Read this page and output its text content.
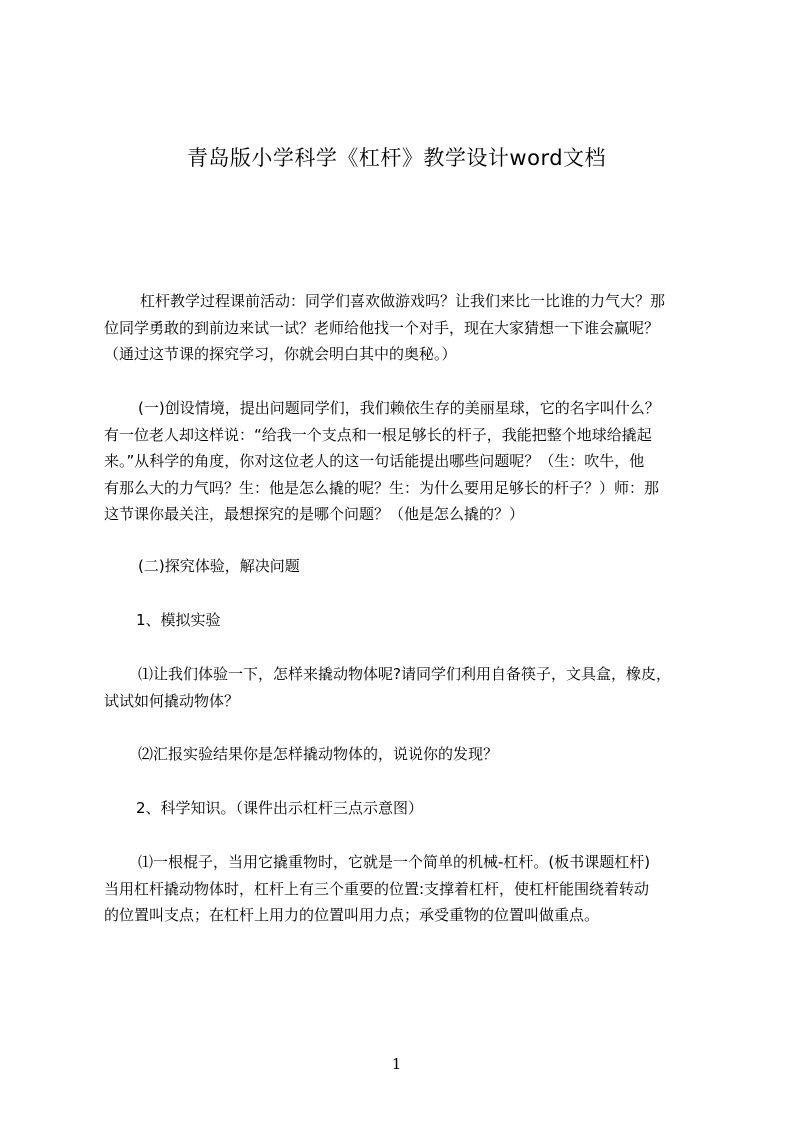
青岛版小学科学《杠杆》教学设计word文档
杠杆教学过程课前活动：同学们喜欢做游戏吗？让我们来比一比谁的力气大？那
位同学勇敢的到前边来试一试？老师给他找一个对手，现在大家猜想一下谁会赢呢？
（通过这节课的探究学习，你就会明白其中的奥秘。）
(一)创设情境，提出问题同学们，我们赖依生存的美丽星球，它的名字叫什么？
有一位老人却这样说：“给我一个支点和一根足够长的杆子，我能把整个地球给撬起
来。”从科学的角度，你对这位老人的这一句话能提出哪些问题呢？（生：吹牛，他
有那么大的力气吗？生：他是怎么撬的呢？生：为什么要用足够长的杆子？）师：那
这节课你最关注，最想探究的是哪个问题？（他是怎么撬的？）
(二)探究体验，解决问题
1、模拟实验
⑴让我们体验一下，怎样来撬动物体呢?请同学们利用自备筷子，文具盒，橡皮，
试试如何撬动物体？
⑵汇报实验结果你是怎样撬动物体的，说说你的发现？
2、科学知识。（课件出示杠杆三点示意图）
⑴一根棍子，当用它撬重物时，它就是一个简单的机械-杠杆。(板书课题杠杆)
当用杠杆撬动物体时，杠杆上有三个重要的位置:支撑着杠杆，使杠杆能围绕着转动
的位置叫支点；在杠杆上用力的位置叫用力点；承受重物的位置叫做重点。
1
